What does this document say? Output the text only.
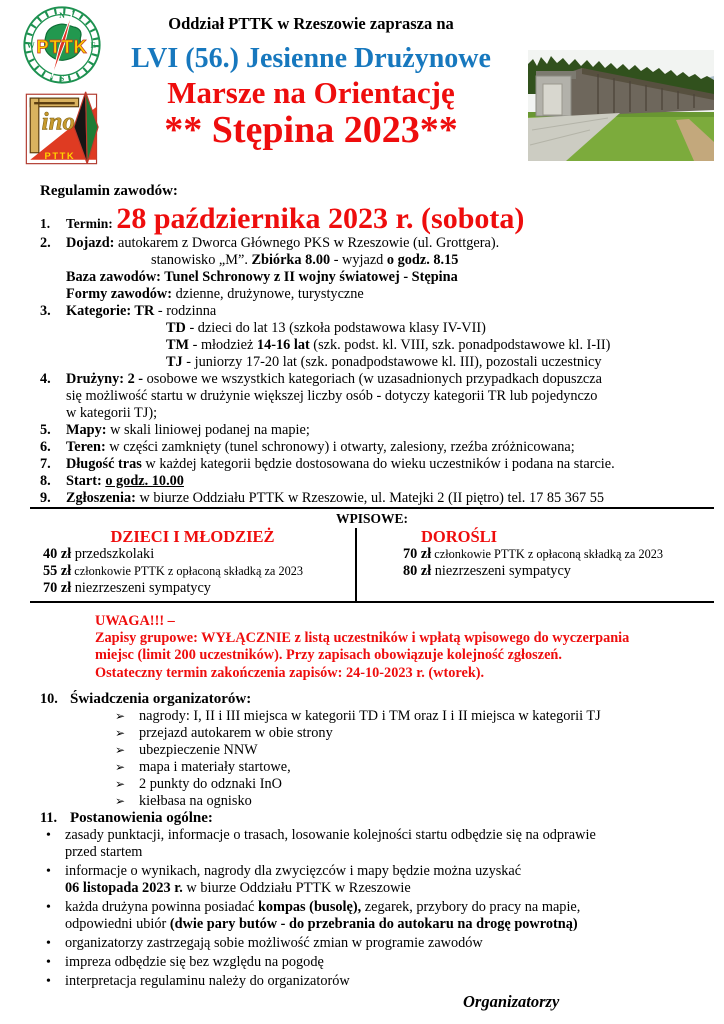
PTTK
N
E
S
W
ino
PTTK
Oddział PTTK w Rzeszowie zaprasza na
LVI (56.) Jesienne Drużynowe
Marsze na Orientację
** Stępina 2023**
Regulamin zawodów:
1.	Termin: 28 października 2023 r. (sobota)
2.	Dojazd: autokarem z Dworca Głównego PKS w Rzeszowie (ul. Grottgera).
stanowisko „M”. Zbiórka 8.00 - wyjazd o godz. 8.15
Baza zawodów: Tunel Schronowy z II wojny światowej - Stępina
Formy zawodów: dzienne, drużynowe, turystyczne
3.	Kategorie: TR - rodzinna
TD - dzieci do lat 13 (szkoła podstawowa klasy IV-VII)
TM - młodzież 14-16 lat (szk. podst. kl. VIII, szk. ponadpodstawowe kl. I-II)
TJ - juniorzy 17-20 lat (szk. ponadpodstawowe kl. III), pozostali uczestnicy
4.	Drużyny: 2 - osobowe we wszystkich kategoriach (w uzasadnionych przypadkach dopuszcza
się możliwość startu w drużynie większej liczby osób - dotyczy kategorii TR lub pojedynczo
w kategorii TJ);
5.	Mapy: w skali liniowej podanej na mapie;
6.	Teren: w części zamknięty (tunel schronowy) i otwarty, zalesiony, rzeźba zróżnicowana;
7.	Długość tras w każdej kategorii będzie dostosowana do wieku uczestników i podana na starcie.
8.	Start: o godz. 10.00
9.	Zgłoszenia: w biurze Oddziału PTTK w Rzeszowie, ul. Matejki 2 (II piętro) tel. 17 85 367 55
WPISOWE:
DZIECI I MŁODZIEŻ
40 zł przedszkolaki
55 zł członkowie PTTK z opłaconą składką za 2023
70 zł niezrzeszeni sympatycy
DOROŚLI
70 zł członkowie PTTK z opłaconą składką za 2023
80 zł niezrzeszeni sympatycy
UWAGA!!! –
Zapisy grupowe: WYŁĄCZNIE z listą uczestników i wpłatą wpisowego do wyczerpania
miejsc (limit 200 uczestników). Przy zapisach obowiązuje kolejność zgłoszeń.
Ostateczny termin zakończenia zapisów: 24-10-2023 r. (wtorek).
10. Świadczenia organizatorów:
➢ nagrody: I, II i III miejsca w kategorii TD i TM oraz I i II miejsca w kategorii TJ
➢ przejazd autokarem w obie strony
➢ ubezpieczenie NNW
➢ mapa i materiały startowe,
➢ 2 punkty do odznaki InO
➢ kiełbasa na ognisko
11. Postanowienia ogólne:
• zasady punktacji, informacje o trasach, losowanie kolejności startu odbędzie się na odprawie
przed startem
• informacje o wynikach, nagrody dla zwycięzców i mapy będzie można uzyskać
06 listopada 2023 r. w biurze Oddziału PTTK w Rzeszowie
• każda drużyna powinna posiadać kompas (busolę), zegarek, przybory do pracy na mapie,
odpowiedni ubiór (dwie pary butów - do przebrania do autokaru na drogę powrotną)
• organizatorzy zastrzegają sobie możliwość zmian w programie zawodów
• impreza odbędzie się bez względu na pogodę
• interpretacja regulaminu należy do organizatorów
Organizatorzy
